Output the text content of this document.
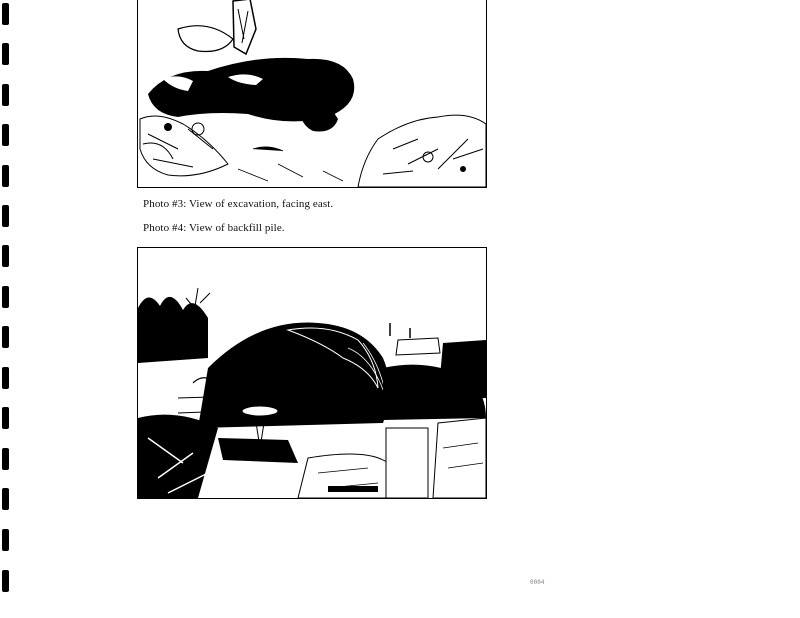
Photo #3: View of excavation, facing east.
Photo #4: View of backfill pile.
0004
